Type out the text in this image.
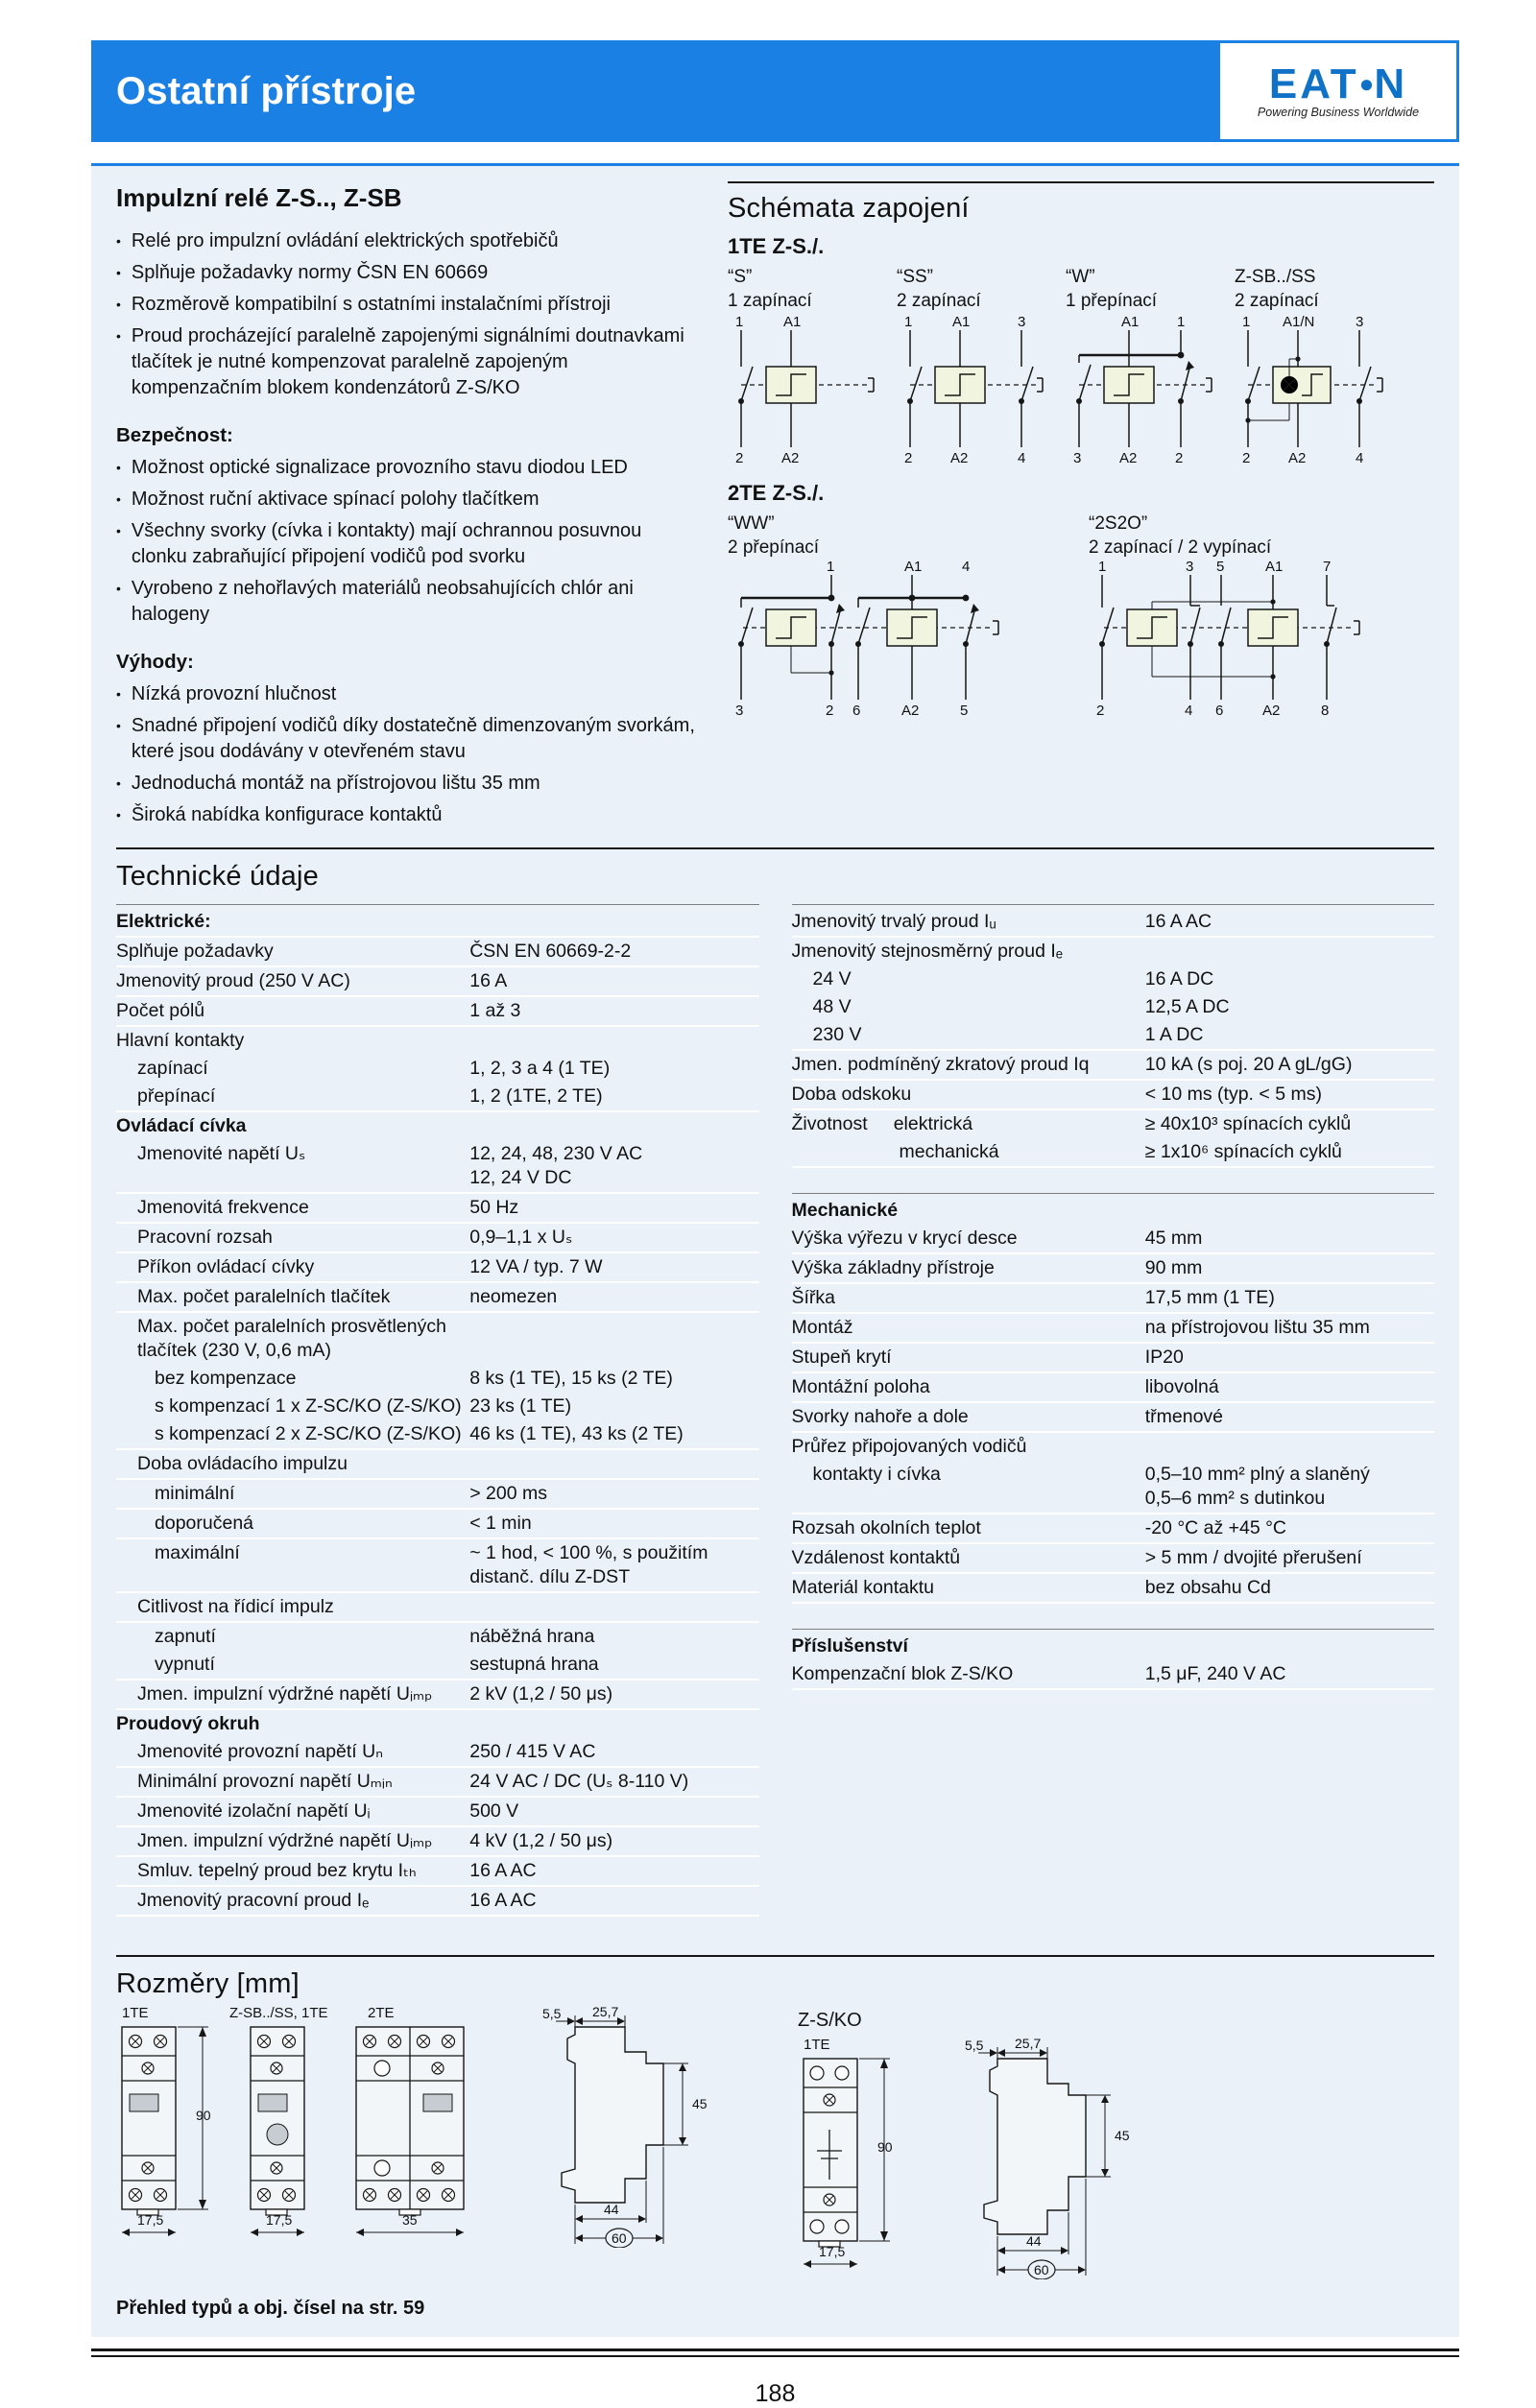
Ostatní přístroje	EAT●N
Powering Business Worldwide
Impulzní relé Z-S.., Z-SB
• Relé pro impulzní ovládání elektrických spotřebičů
• Splňuje požadavky normy ČSN EN 60669
• Rozměrově kompatibilní s ostatními instalačními přístroji
• Proud procházející paralelně zapojenými signálními doutnavkami tlačítek je nutné kompenzovat paralelně zapojeným kompenzačním blokem kondenzátorů Z-S/KO
Bezpečnost:
• Možnost optické signalizace provozního stavu diodou LED
• Možnost ruční aktivace spínací polohy tlačítkem
• Všechny svorky (cívka i kontakty) mají ochrannou posuvnou clonku zabraňující připojení vodičů pod svorku
• Vyrobeno z nehořlavých materiálů neobsahujících chlór ani halogeny
Výhody:
• Nízká provozní hlučnost
• Snadné připojení vodičů díky dostatečně dimenzovaným svorkám, které jsou dodávány v otevřeném stavu
• Jednoduchá montáž na přístrojovou lištu 35 mm
• Široká nabídka konfigurace kontaktů
Schémata zapojení
1TE Z-S./.
“S”
1 zapínací
1	A1
2	A2
“SS”
2 zapínací
1	A1	3
2	A2	4
“W”
1 přepínací
A1	1
3	A2	2
Z-SB../SS
2 zapínací
1 A1/N	3
2	A2	4
2TE Z-S./.
“WW”
2 přepínací
1	A1	4
3	2 6	A2	5
“2S2O”
2 zapínací / 2 vypínací
1	3 5	A1	7
2	4 6	A2	8
Technické údaje
Elektrické:
Splňuje požadavky	ČSN EN 60669-2-2
Jmenovitý proud (250 V AC)	16 A
Počet pólů	1 až 3
Hlavní kontakty
zapínací	1, 2, 3 a 4 (1 TE)
přepínací	1, 2 (1TE, 2 TE)
Ovládací cívka
Jmenovité napětí Uₛ	12, 24, 48, 230 V AC
12, 24 V DC
Jmenovitá frekvence	50 Hz
Pracovní rozsah	0,9–1,1 x Uₛ
Příkon ovládací cívky	12 VA / typ. 7 W
Max. počet paralelních tlačítek	neomezen
Max. počet paralelních prosvětlených
tlačítek (230 V, 0,6 mA)
bez kompenzace	8 ks (1 TE), 15 ks (2 TE)
s kompenzací 1 x Z-SC/KO (Z-S/KO) 23 ks (1 TE)
s kompenzací 2 x Z-SC/KO (Z-S/KO) 46 ks (1 TE), 43 ks (2 TE)
Doba ovládacího impulzu
minimální	> 200 ms
doporučená	< 1 min
maximální	~ 1 hod, < 100 %, s použitím
distanč. dílu Z-DST
Citlivost na řídicí impulz
zapnutí	náběžná hrana
vypnutí	sestupná hrana
Jmen. impulzní výdržné napětí Uᵢₘₚ	2 kV (1,2 / 50 μs)
Proudový okruh
Jmenovité provozní napětí Uₙ	250 / 415 V AC
Minimální provozní napětí Uₘᵢₙ	24 V AC / DC (Uₛ 8-110 V)
Jmenovité izolační napětí Uᵢ	500 V
Jmen. impulzní výdržné napětí Uᵢₘₚ	4 kV (1,2 / 50 μs)
Smluv. tepelný proud bez krytu Iₜₕ	16 A AC
Jmenovitý pracovní proud Iₑ	16 A AC
Jmenovitý trvalý proud Iᵤ	16 A AC
Jmenovitý stejnosměrný proud Iₑ
24 V	16 A DC
48 V	12,5 A DC
230 V	1 A DC
Jmen. podmíněný zkratový proud Iq	10 kA (s poj. 20 A gL/gG)
Doba odskoku	< 10 ms (typ. < 5 ms)
Životnost     elektrická	≥ 40x10³ spínacích cyklů
mechanická	≥ 1x10⁶ spínacích cyklů
Mechanické
Výška výřezu v krycí desce	45 mm
Výška základny přístroje	90 mm
Šířka	17,5 mm (1 TE)
Montáž	na přístrojovou lištu 35 mm
Stupeň krytí	IP20
Montážní poloha	libovolná
Svorky nahoře a dole	třmenové
Průřez připojovaných vodičů
kontakty i cívka	0,5–10 mm² plný a slaněný
0,5–6 mm² s dutinkou
Rozsah okolních teplot	-20 °C až +45 °C
Vzdálenost kontaktů	> 5 mm / dvojité přerušení
Materiál kontaktu	bez obsahu Cd
Příslušenství
Kompenzační blok Z-S/KO	1,5 μF, 240 V AC
Rozměry [mm]
1TE	Z-SB../SS, 1TE	2TE
90
17,5	17,5	35
5,5 25,7
45
44
60
Z-S/KO
1TE
90
17,5
5,5 25,7
45
44
60
Přehled typů a obj. čísel na str. 59
188
